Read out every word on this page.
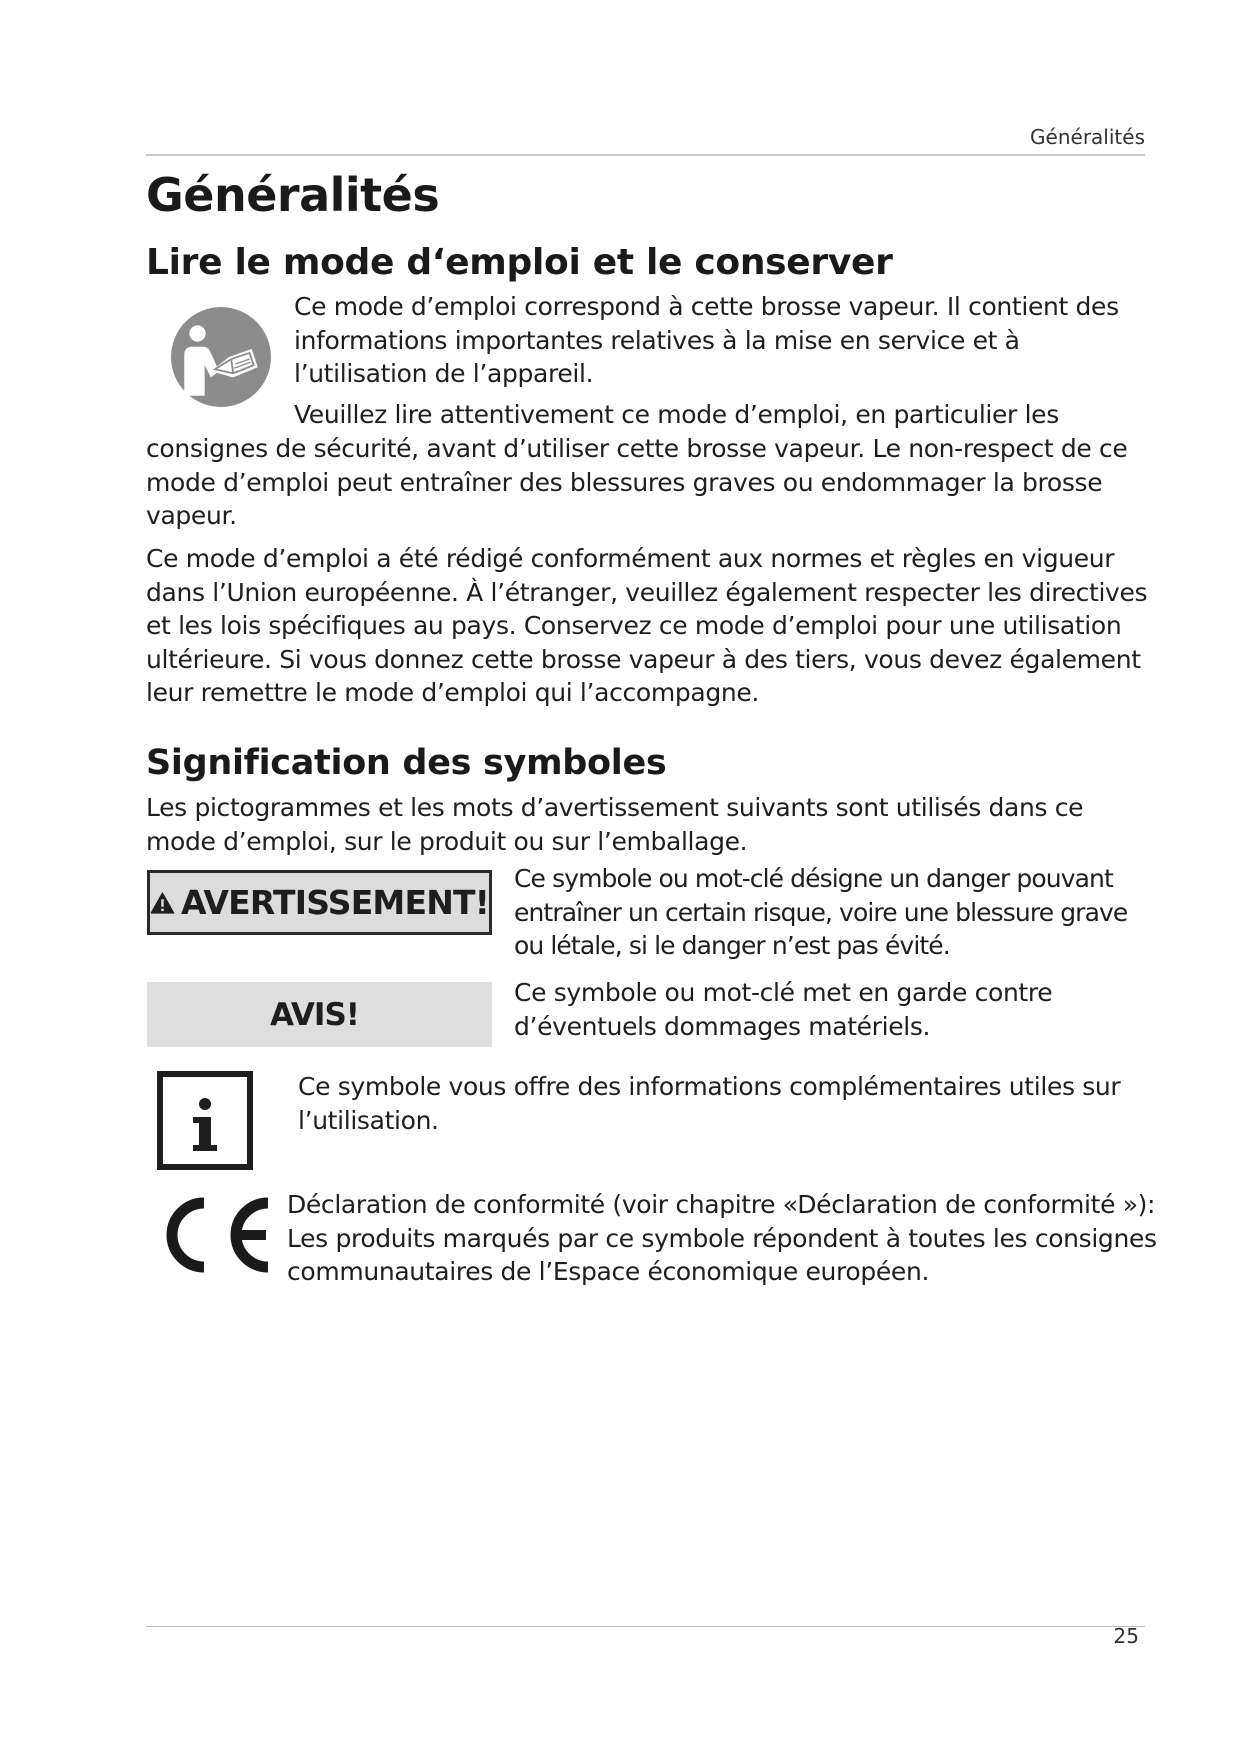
Généralités
Généralités
Lire le mode d‘emploi et le conserver

Ce mode d’emploi correspond à cette brosse vapeur. Il contient des informations importantes relatives à la mise en service et à l’utilisation de l’appareil.

Veuillez lire attentivement ce mode d’emploi, en particulier les

consignes de sécurité, avant d’utiliser cette brosse vapeur. Le non-respect de ce mode d’emploi peut entraîner des blessures graves ou endommager la brosse vapeur.

Ce mode d’emploi a été rédigé conformément aux normes et règles en vigueur dans l’Union européenne. À l’étranger, veuillez également respecter les directives et les lois spécifiques au pays. Conservez ce mode d’emploi pour une utilisation ultérieure. Si vous donnez cette brosse vapeur à des tiers, vous devez également leur remettre le mode d’emploi qui l’accompagne.

Signification des symboles

Les pictogrammes et les mots d’avertissement suivants sont utilisés dans ce mode d’emploi, sur le produit ou sur l’emballage.

AVERTISSEMENT!

Ce symbole ou mot-clé désigne un danger pouvant entraîner un certain risque, voire une blessure grave ou létale, si le danger n’est pas évité.

AVIS!

Ce symbole ou mot-clé met en garde contre d’éventuels dommages matériels.

Ce symbole vous offre des informations complémentaires utiles sur l’utilisation.

Déclaration de conformité (voir chapitre «Déclaration de conformité »): Les produits marqués par ce symbole répondent à toutes les consignes communautaires de l’Espace économique européen.

25
